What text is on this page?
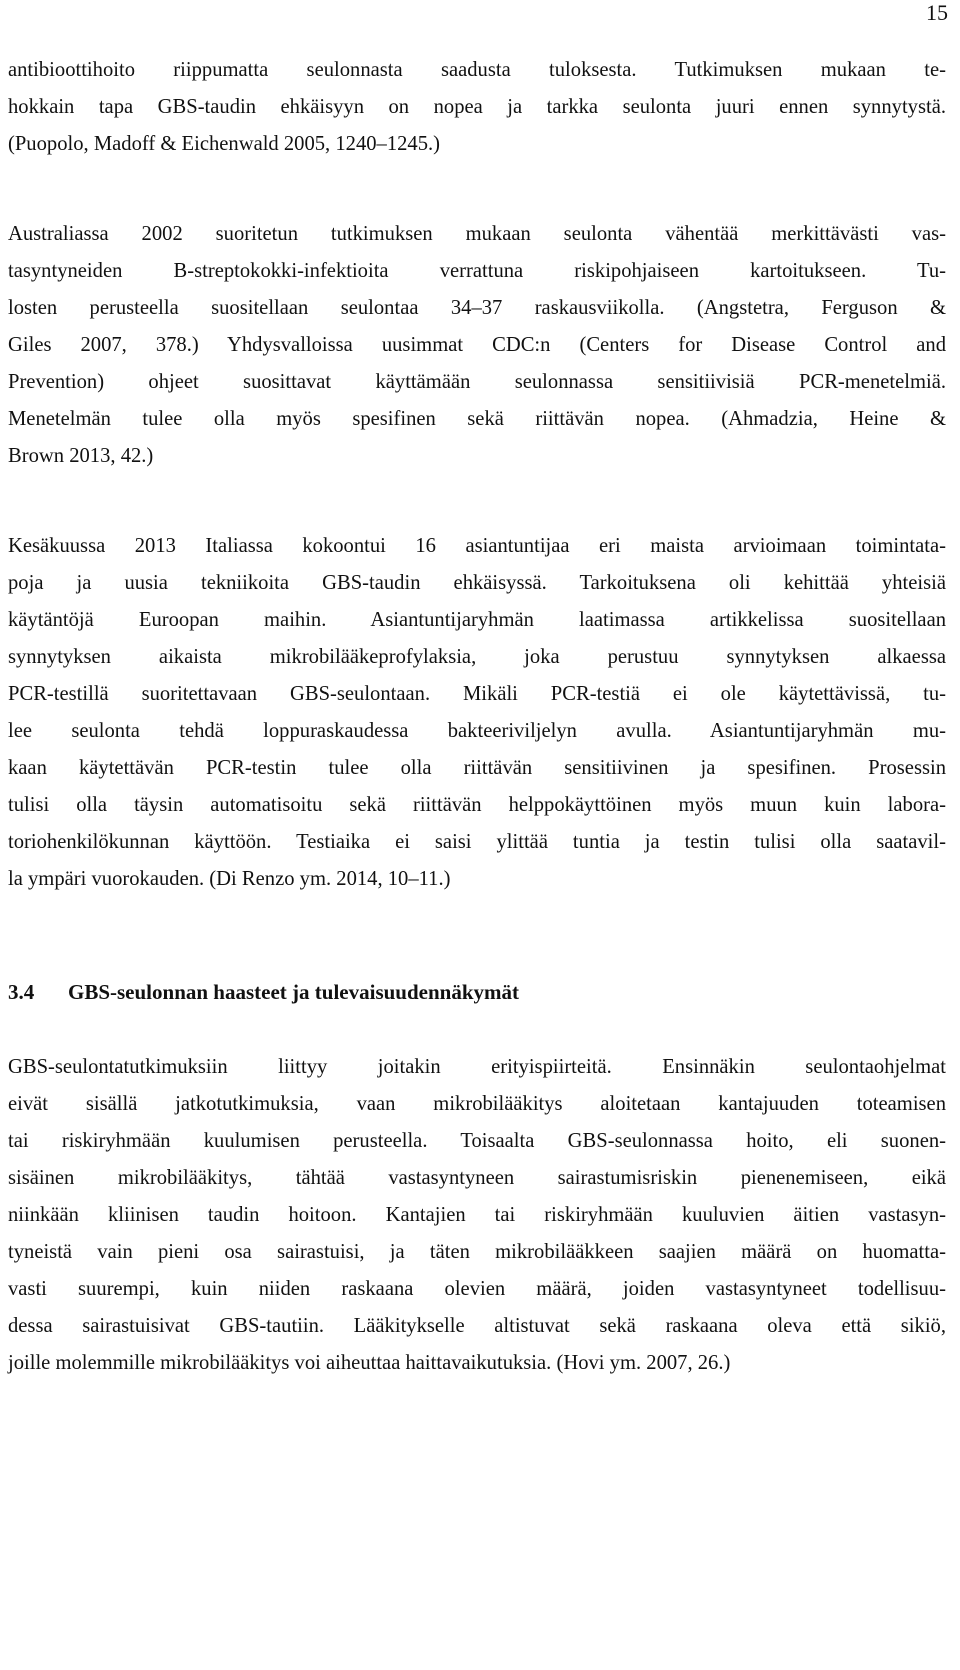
15
antibioottihoito riippumatta seulonnasta saadusta tuloksesta. Tutkimuksen mukaan te-
hokkain tapa GBS-taudin ehkäisyyn on nopea ja tarkka seulonta juuri ennen synnytystä.
(Puopolo, Madoff & Eichenwald 2005, 1240–1245.)
Australiassa 2002 suoritetun tutkimuksen mukaan seulonta vähentää merkittävästi vas-
tasyntyneiden B-streptokokki-infektioita verrattuna riskipohjaiseen kartoitukseen. Tu-
losten perusteella suositellaan seulontaa 34–37 raskausviikolla. (Angstetra, Ferguson &
Giles 2007, 378.) Yhdysvalloissa uusimmat CDC:n (Centers for Disease Control and
Prevention) ohjeet suosittavat käyttämään seulonnassa sensitiivisiä PCR-menetelmiä.
Menetelmän tulee olla myös spesifinen sekä riittävän nopea. (Ahmadzia, Heine &
Brown 2013, 42.)
Kesäkuussa 2013 Italiassa kokoontui 16 asiantuntijaa eri maista arvioimaan toimintata-
poja ja uusia tekniikoita GBS-taudin ehkäisyssä. Tarkoituksena oli kehittää yhteisiä
käytäntöjä Euroopan maihin. Asiantuntijaryhmän laatimassa artikkelissa suositellaan
synnytyksen aikaista mikrobilääkeprofylaksia, joka perustuu synnytyksen alkaessa
PCR-testillä suoritettavaan GBS-seulontaan. Mikäli PCR-testiä ei ole käytettävissä, tu-
lee seulonta tehdä loppuraskaudessa bakteeriviljelyn avulla. Asiantuntijaryhmän mu-
kaan käytettävän PCR-testin tulee olla riittävän sensitiivinen ja spesifinen. Prosessin
tulisi olla täysin automatisoitu sekä riittävän helppokäyttöinen myös muun kuin labora-
toriohenkilökunnan käyttöön. Testiaika ei saisi ylittää tuntia ja testin tulisi olla saatavil-
la ympäri vuorokauden. (Di Renzo ym. 2014, 10–11.)
3.4	GBS-seulonnan haasteet ja tulevaisuudennäkymät
GBS-seulontatutkimuksiin liittyy joitakin erityispiirteitä. Ensinnäkin seulontaohjelmat
eivät sisällä jatkotutkimuksia, vaan mikrobilääkitys aloitetaan kantajuuden toteamisen
tai riskiryhmään kuulumisen perusteella. Toisaalta GBS-seulonnassa hoito, eli suonen-
sisäinen mikrobilääkitys, tähtää vastasyntyneen sairastumisriskin pienenemiseen, eikä
niinkään kliinisen taudin hoitoon. Kantajien tai riskiryhmään kuuluvien äitien vastasyn-
tyneistä vain pieni osa sairastuisi, ja täten mikrobilääkkeen saajien määrä on huomatta-
vasti suurempi, kuin niiden raskaana olevien määrä, joiden vastasyntyneet todellisuu-
dessa sairastuisivat GBS-tautiin. Lääkitykselle altistuvat sekä raskaana oleva että sikiö,
joille molemmille mikrobilääkitys voi aiheuttaa haittavaikutuksia. (Hovi ym. 2007, 26.)
